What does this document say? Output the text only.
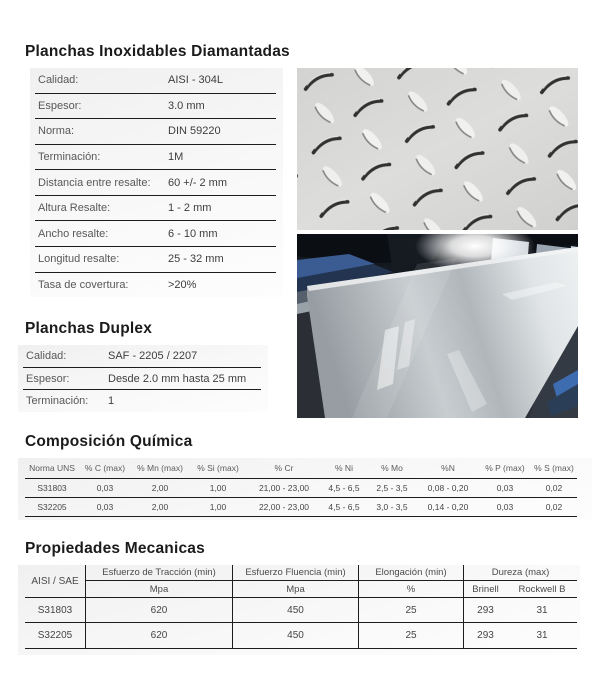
Planchas Inoxidables Diamantadas
Calidad:	AISI - 304L
Espesor:	3.0 mm
Norma:	DIN 59220
Terminación:	1M
Distancia entre resalte:	60 +/- 2 mm
Altura Resalte:	1 - 2 mm
Ancho resalte:	6 - 10 mm
Longitud resalte:	25 - 32 mm
Tasa de covertura:	>20%
Planchas Duplex
Calidad:	SAF - 2205 / 2207
Espesor:	Desde 2.0 mm hasta 25 mm
Terminación:	1
Composición Química
Norma UNS	% C (max)	% Mn (max)	% Si (max)	% Cr	% Ni	% Mo	%N	% P (max)	% S (max)
S31803	0,03	2,00	1,00	21,00 - 23,00	4,5 - 6,5	2,5 - 3,5	0,08 - 0,20	0,03	0,02
S32205	0,03	2,00	1,00	22,00 - 23,00	4,5 - 6,5	3,0 - 3,5	0,14 - 0,20	0,03	0,02
Propiedades Mecanicas
AISI / SAE
Esfuerzo de Tracción (min)	Esfuerzo Fluencia (min)	Elongación (min)	Dureza (max)
Mpa	Mpa	%	Brinell	Rockwell B
S31803	620	450	25	293	31
S32205	620	450	25	293	31
